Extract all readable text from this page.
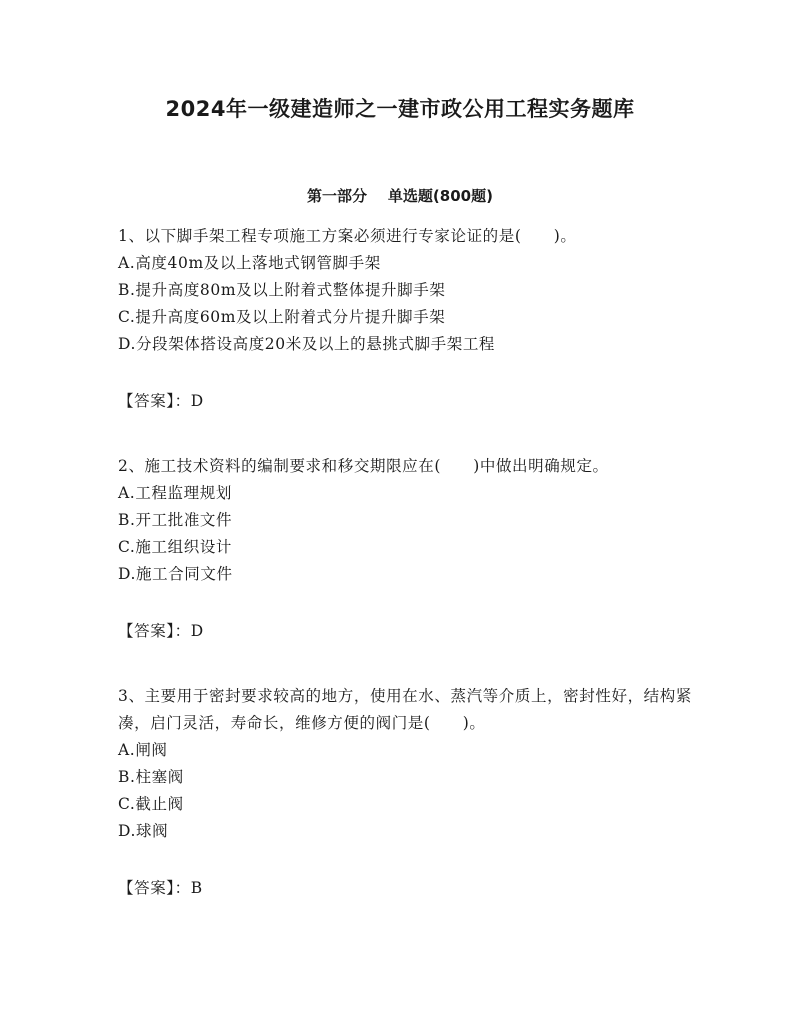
2024年一级建造师之一建市政公用工程实务题库
第一部分    单选题(800题)
1、以下脚手架工程专项施工方案必须进行专家论证的是(　　)。
A.高度40m及以上落地式钢管脚手架
B.提升高度80m及以上附着式整体提升脚手架
C.提升高度60m及以上附着式分片提升脚手架
D.分段架体搭设高度20米及以上的悬挑式脚手架工程
【答案】：D
2、施工技术资料的编制要求和移交期限应在(　　)中做出明确规定。
A.工程监理规划
B.开工批准文件
C.施工组织设计
D.施工合同文件
【答案】：D
3、主要用于密封要求较高的地方，使用在水、蒸汽等介质上，密封性好，结构紧凑，启门灵活，寿命长，维修方便的阀门是(　　)。
A.闸阀
B.柱塞阀
C.截止阀
D.球阀
【答案】：B
